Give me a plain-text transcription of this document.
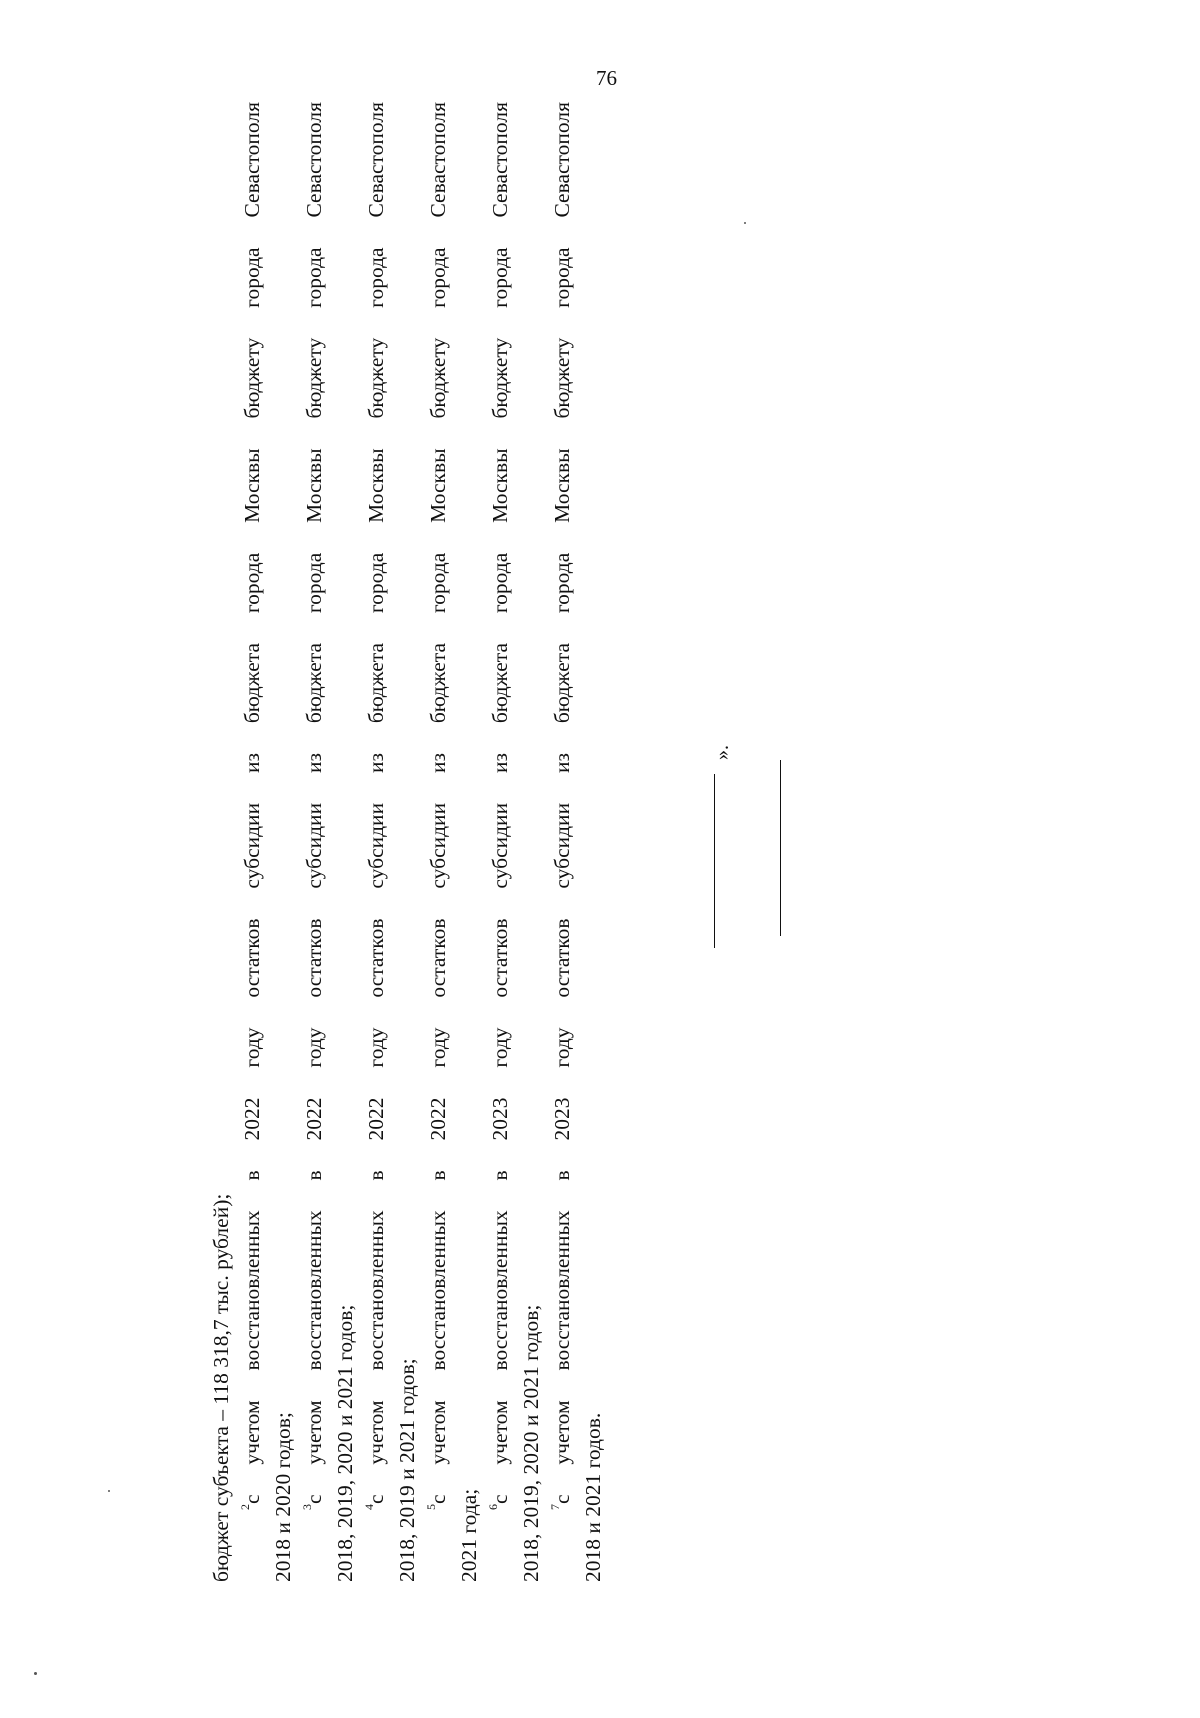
76
бюджет субъекта – 118 318,7 тыс. рублей); $^2$с учетом восстановленных в 2022 году остатков субсидии из бюджета города Москвы бюджету города Севастополя 2018 и 2020 годов; $^3$с учетом восстановленных в 2022 году остатков субсидии из бюджета города Москвы бюджету города Севастополя 2018, 2019, 2020 и 2021 годов; $^4$с учетом восстановленных в 2022 году остатков субсидии из бюджета города Москвы бюджету города Севастополя 2018, 2019 и 2021 годов; $^5$с учетом восстановленных в 2022 году остатков субсидии из бюджета города Москвы бюджету города Севастополя
2021 года; $^6$с учетом восстановленных в 2023 году остатков субсидии из бюджета города Москвы бюджету города Севастополя 2018, 2019, 2020 и 2021 годов; $^7$с учетом восстановленных в 2023 году остатков субсидии из бюджета города Москвы бюджету города Севастополя 2018 и 2021 годов.
».
